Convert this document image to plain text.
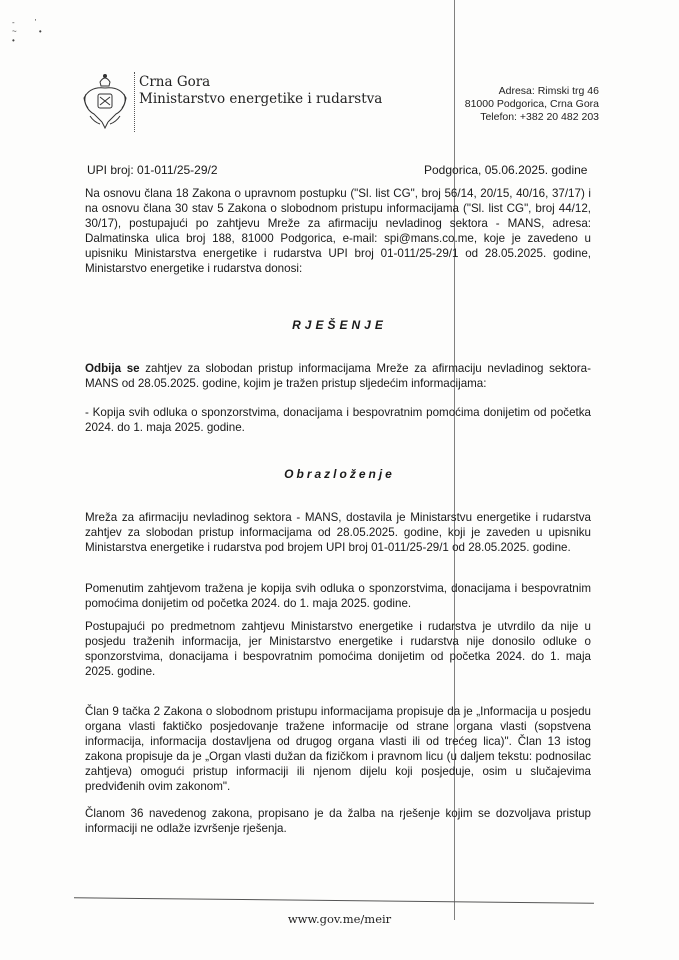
-         '
~          •
•
Crna Gora
Ministarstvo energetike i rudarstva	Adresa: Rimski trg 46
81000 Podgorica, Crna Gora
Telefon: +382 20 482 203
UPI broj: 01-011/25-29/2	Podgorica, 05.06.2025. godine
Na osnovu člana 18 Zakona o upravnom postupku ("Sl. list CG", broj 56/14, 20/15, 40/16, 37/17) i na osnovu člana 30 stav 5 Zakona o slobodnom pristupu informacijama ("Sl. list CG", broj 44/12, 30/17), postupajući po zahtjevu Mreže za afirmaciju nevladinog sektora - MANS, adresa: Dalmatinska ulica broj 188, 81000 Podgorica, e-mail: spi@mans.co.me, koje je zavedeno u upisniku Ministarstva energetike i rudarstva UPI broj 01-011/25-29/1 od 28.05.2025. godine, Ministarstvo energetike i rudarstva donosi:
RJEŠENJE
Odbija se zahtjev za slobodan pristup informacijama Mreže za afirmaciju nevladinog sektora-MANS od 28.05.2025. godine, kojim je tražen pristup sljedećim informacijama:
- Kopija svih odluka o sponzorstvima, donacijama i bespovratnim pomoćima donijetim od početka 2024. do 1. maja 2025. godine.
Obrazloženje
Mreža za afirmaciju nevladinog sektora - MANS, dostavila je Ministarstvu energetike i rudarstva zahtjev za slobodan pristup informacijama od 28.05.2025. godine, koji je zaveden u upisniku Ministarstva energetike i rudarstva pod brojem UPI broj 01-011/25-29/1 od 28.05.2025. godine.
Pomenutim zahtjevom tražena je kopija svih odluka o sponzorstvima, donacijama i bespovratnim pomoćima donijetim od početka 2024. do 1. maja 2025. godine.
Postupajući po predmetnom zahtjevu Ministarstvo energetike i rudarstva je utvrdilo da nije u posjedu traženih informacija, jer Ministarstvo energetike i rudarstva nije donosilo odluke o sponzorstvima, donacijama i bespovratnim pomoćima donijetim od početka 2024. do 1. maja 2025. godine.
Član 9 tačka 2 Zakona o slobodnom pristupu informacijama propisuje da je „Informacija u posjedu organa vlasti faktičko posjedovanje tražene informacije od strane organa vlasti (sopstvena informacija, informacija dostavljena od drugog organa vlasti ili od trećeg lica)". Član 13 istog zakona propisuje da je „Organ vlasti dužan da fizičkom i pravnom licu (u daljem tekstu: podnosilac zahtjeva) omogući pristup informaciji ili njenom dijelu koji posjeduje, osim u slučajevima predviđenih ovim zakonom".
Članom 36 navedenog zakona, propisano je da žalba na rješenje kojim se dozvoljava pristup informaciji ne odlaže izvršenje rješenja.
www.gov.me/meir
